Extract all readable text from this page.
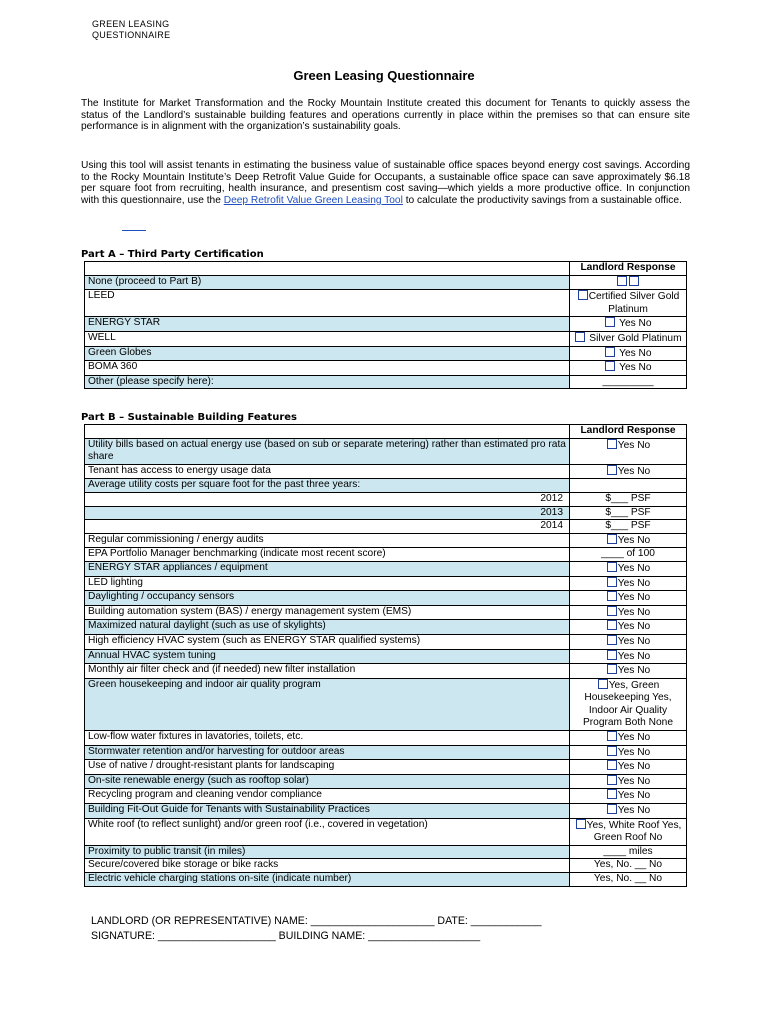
GREEN LEASING
QUESTIONNAIRE
Green Leasing Questionnaire
The Institute for Market Transformation and the Rocky Mountain Institute created this document for Tenants to quickly assess the status of the Landlord’s sustainable building features and operations currently in place within the premises so that can ensure site performance is in alignment with the organization’s sustainability goals.
Using this tool will assist tenants in estimating the business value of sustainable office spaces beyond energy cost savings. According to the Rocky Mountain Institute’s Deep Retrofit Value Guide for Occupants, a sustainable office space can save approximately $6.18 per square foot from recruiting, health insurance, and presentism cost saving—which yields a more productive office. In conjunction with this questionnaire, use the Deep Retrofit Value Green Leasing Tool to calculate the productivity savings from a sustainable office.
Part A – Third Party Certification
	Landlord Response
None (proceed to Part B)	
LEED	Certified Silver Gold Platinum
ENERGY STAR	Yes No
WELL	Silver Gold Platinum
Green Globes	Yes No
BOMA 360	Yes No
Other (please specify here):	_________
Part B – Sustainable Building Features
	Landlord Response
Utility bills based on actual energy use (based on sub or separate metering) rather than estimated pro rata share	Yes No
Tenant has access to energy usage data	Yes No
Average utility costs per square foot for the past three years:	
2012	$___ PSF
2013	$___ PSF
2014	$___ PSF
Regular commissioning / energy audits	Yes No
EPA Portfolio Manager benchmarking (indicate most recent score)	____ of 100
ENERGY STAR appliances / equipment	Yes No
LED lighting	Yes No
Daylighting / occupancy sensors	Yes No
Building automation system (BAS) / energy management system (EMS)	Yes No
Maximized natural daylight (such as use of skylights)	Yes No
High efficiency HVAC system (such as ENERGY STAR qualified systems)	Yes No
Annual HVAC system tuning	Yes No
Monthly air filter check and (if needed) new filter installation	Yes No
Green housekeeping and indoor air quality program	Yes, Green Housekeeping Yes, Indoor Air Quality Program Both None
Low-flow water fixtures in lavatories, toilets, etc.	Yes No
Stormwater retention and/or harvesting for outdoor areas	Yes No
Use of native / drought-resistant plants for landscaping	Yes No
On-site renewable energy (such as rooftop solar)	Yes No
Recycling program and cleaning vendor compliance	Yes No
Building Fit-Out Guide for Tenants with Sustainability Practices	Yes No
White roof (to reflect sunlight) and/or green roof (i.e., covered in vegetation)	Yes, White Roof Yes, Green Roof No
Proximity to public transit (in miles)	____ miles
Secure/covered bike storage or bike racks	Yes, No. __ No
Electric vehicle charging stations on-site (indicate number)	Yes, No. __ No
LANDLORD (OR REPRESENTATIVE) NAME: _____________________ DATE: ____________
SIGNATURE: ____________________ BUILDING NAME: ___________________
